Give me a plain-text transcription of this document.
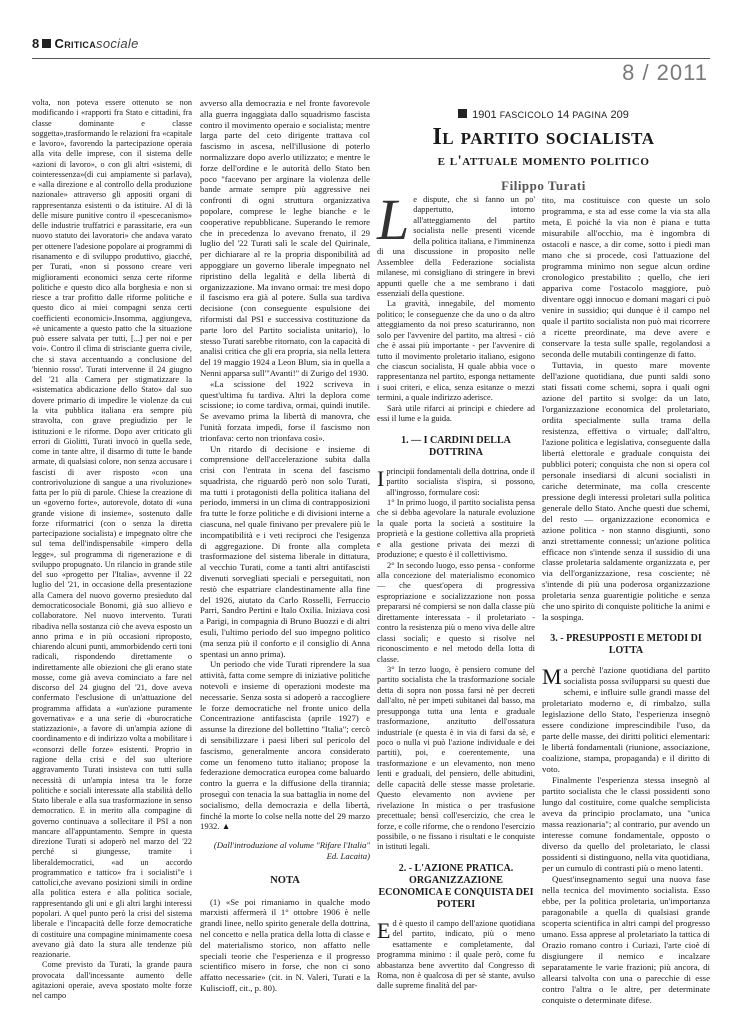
8 Criticasociale
8 / 2011

volta, non poteva essere ottenuto se non modificando i «rapporti fra Stato e cittadini, fra classe dominante e classe soggetta»,trasformando le relazioni fra «capitale e lavoro», favorendo la partecipazione operaia alla vita delle imprese, con il sistema delle «azioni di lavoro», o con gli altri «sistemi, di cointeressenza»(di cui ampiamente si parlava), e «alla direzione e al controllo della produzione nazionale» attraverso gli appositi organi di rappresentanza esistenti o da istituire. Al di là delle misure punitive contro il «pescecanismo» delle industrie truffatrici e parassitarie, era «un nuovo statuto dei lavoratori» che andava varato per ottenere l'adesione popolare ai programmi di risanamento e di sviluppo produttivo, giacché, per Turati, «non si possono creare veri miglioramenti economici senza certe riforme politiche e questo dico alla borghesia e non si riesce a trar profitto dalle riforme politiche e questo dico ai miei compagni senza certi coefficienti economici».Insomma, aggiungeva, «è unicamente a questo patto che la situazione può essere salvata per tutti, [...] per noi e per voi». Contro il clima di strisciante guerra civile, che si stava accentuando a conclusione del 'biennio rosso'. Turati intervenne il 24 giugno del '21 alla Camera per stigmatizzare la «sistematica abdicazione dello Stato» dal suo dovere primario di impedire le violenze da cui la vita pubblica italiana era sempre più stravolta, con grave pregiudizio per le istituzioni e le riforme. Dopo aver criticato gli errori di Giolitti, Turati invocò in quella sede, come in tante altre, il disarmo di tutte le bande armate, di qualsiasi colore, non senza accusare i fascisti di aver risposto «con una controrivoluzione di sangue a una rivoluzione» fatta per lo più di parole. Chiese la creazione di un «governo forte», autorevole, dotato di «una grande visione di insieme», sostenuto dalle forze riformatrici (con o senza la diretta partecipazione socialista) e impegnato oltre che sul tema dell'indispensabile «impero della legge», sul programma di rigenerazione e di sviluppo propugnato. Un rilancio in grande stile del suo «progetto per l'Italia», avvenne il 22 luglio del '21, in occasione della presentazione alla Camera del nuovo governo presieduto dal democraticosociale Bonomi, già suo allievo e collaboratore. Nel nuovo intervento. Turati ribadiva nella sostanza ciò che aveva esposto un anno prima e in più occasioni riproposto, chiarendo alcuni punti, ammorbidendo certi toni radicali, rispondendo direttamente o indirettamente alle obiezioni che gli erano state mosse, come già aveva cominciato a fare nel discorso del 24 giugno del '21, dove aveva confermato l'esclusione di un'attuazione del programma affidata a «un'azione puramente governativa» e a una serie di «burocratiche statizzazioni», a favore di un'ampia azione di coordinamento e di indirizzo volta a mobilitare i «consorzi delle forze» esistenti. Proprio in ragione della crisi e del suo ulteriore aggravamento Turati insisteva con tutti sulla necessità di un'ampia intesa tra le forze politiche e sociali interessate alla stabilità dello Stato liberale e alla sua trasformazione in senso democratico. E in merito alla compagine di governo continuava a sollecitare il PSI a non mancare all'appuntamento. Sempre in questa direzione Turati si adoperò nel marzo del '22 perché si giungesse, tramite i liberaldemocratici, «ad un accordo programmatico e tattico» fra i socialisti"e i cattolici,che avevano posizioni simili in ordine alla politica estera e alla politica sociale, rappresentando gli uni e gli altri larghi interessi popolari. A quel punto però la crisi del sistema liberale e l'incapacità delle forze democratiche di costituire una compagine minimamente coesa avevano già dato la stura alle tendenze più reazionarie.

Come previsto da Turati, la grande paura provocata dall'incessante aumento delle agitazioni operaie, aveva spostato molte forze nel campo

avverso alla democrazia e nel fronte favorevole alla guerra ingaggiata dallo squadrismo fascista contro il movimento operaio e socialista; mentre larga parte del ceto dirigente trattava col fascismo in ascesa, nell'illusione di poterlo normalizzare dopo averlo utilizzato; e mentre le forze dell'ordine e le autorità dello Stato ben poco "facevano per arginare la violenza delle bande armate sempre più aggressive nei confronti di ogni struttura organizzativa popolare, comprese le leghe bianche e le cooperative repubblicane. Superando le remore che in precedenza lo avevano frenato, il 29 luglio del '22 Turati salì le scale del Quirinale, per dichiarare al re la propria disponibilità ad appoggiare un governo liberale impegnato nel ripristino della legalità e della libertà di organizzazione. Ma invano ormai: tre mesi dopo il fascismo era già al potere. Sulla sua tardiva decisione (con conseguente espulsione dei riformisti dal PSI e successiva costituzione da parte loro del Partito socialista unitario), lo stesso Turati sarebbe ritornato, con la capacità di analisi critica che gli era propria, sia nella lettera del 19 maggio 1924 a Leon Blum, sia in quella a Nenni apparsa sull'"Avanti!" di Zurigo del 1930.

«La scissione del 1922 scriveva in quest'ultima fu tardiva. Altri la deplora come scissione; io come tardiva, ormai, quindi inutile. Se avevamo prima la libertà di manovra, che l'unità forzata impedì, forse il fascismo non trionfava: certo non trionfava così».

Un ritardo di decisione e insieme di comprensione dell'accelerazione subita dalla crisi con l'entrata in scena del fascismo squadrista, che riguardò però non solo Turati, ma tutti i protagonisti della politica italiana del periodo, immersi in un clima di contrapposizioni fra tutte le forze politiche e di divisioni interne a ciascuna, nel quale finivano per prevalere più le incompatibilità e i veti reciproci che l'esigenza di aggregazione. Di fronte alla completa trasformazione del sistema liberale in dittatura, al vecchio Turati, come a tanti altri antifascisti divenuti sorvegliati speciali e perseguitati, non restò che espatriare clandestinamente alla fine del 1926, aiutato da Carlo Rosselli, Ferruccio Parri, Sandro Pertini e Italo Oxilia. Iniziava così a Parigi, in compagnia di Bruno Buozzi e di altri esuli, l'ultimo periodo del suo impegno politico (ma senza più il conforto e il consiglio di Anna spentasi un anno prima).

Un periodo che vide Turati riprendere la sua attività, fatta come sempre di iniziative politiche notevoli e insieme di operazioni modeste ma necessarie. Senza sosta si adoperò a raccogliere le forze democratiche nel fronte unico della Concentrazione antifascista (aprile 1927) e assunse la direzione del bollettino "Italia"; cercò di sensibilizzare i paesi liberi sul pericolo del fascismo, generalmente ancora considerato come un fenomeno tutto italiano; propose la federazione democratica europea come baluardo contro la guerra e la diffusione della tirannia; proseguì con tenacia la sua battaglia in nome del socialismo, della democrazia e della libertà, finché la morte lo colse nella notte del 29 marzo 1932. ▲

(Dall'introduzione al volume "Rifare l'Italia"
Ed. Lacaita)

NOTA

(1) «Se poi rimaniamo in qualche modo marxisti affermerà il 1° ottobre 1906 è nelle grandi linee, nello spirito generale della dottrina, nel concetto e nella pratica della lotta di classe e del materialismo storico, non affatto nelle speciali teorie che l'esperienza e il progresso scientifico misero in forse, che non ci sono affatto necessarie» (cit. in N. Valeri, Turati e la Kuliscioff, cit., p. 80).

1901 FASCICOLO 14 PAGINA 209
Il partito socialista
e l'attuale momento politico
Filippo Turati

Le dispute, che si fanno un po' dappertutto, intorno all'atteggiamento del partito socialista nelle presenti vicende della politica italiana, e l'imminenza di una discussione in proposito nelle Assemblee della Federazione socialista milanese, mi consigliano di stringere in brevi appunti quelle che a me sembrano i dati essenziali della questione.

La gravità, innegabile, del momento politico; le conseguenze che da uno o da altro atteggiamento da noi preso scaturiranno, non solo per l'avvenire del partito, ma altresì - ciò che è assai più importante - per l'avvenire di tutto il movimento proletario italiano, esigono che ciascun socialista, H quale abbia voce o rappresentanza nel partito, esponga nettamente i suoi criteri, e elica, senza esitanze o mezzi termini, a quale indirizzo aderisce.

Sarà utile rifarci ai principi e chiedere ad essi il lume e la guida.

1. — I CARDINI DELLA DOTTRINA

Iprincipii fondamentali della dottrina, onde il partito socialista s'ispira, si possono, all'ingrosso, formulare così:

1° In primo luogo, il partito socialista pensa che si debba agevolare la naturale evoluzione la quale porta la società a sostituire la proprietà e la gestione collettiva alla proprietà e alla gestione privata dei mezzi di produzione; e questo è il collettivismo.

2° In secondo luogo, esso pensa - conforme alla concezione del materialismo economico — che quest'opera di progressiva espropriazione e socializzazione non possa prepararsi né compiersi se non dalla classe più direttamente interessata - il proletariato - contro la resistenza più o meno viva delle altre classi sociali; e questo si risolve nel riconoscimento e nel metodo della lotta di classe.

3° In terzo luogo, è pensiero comune del partito socialista che la trasformazione sociale detta di sopra non possa farsi nè per decreti dall'alto, nè per impeti subitanei dal basso, ma presupponga tutta una lenta e graduale trasformazione, anzitutto dell'ossatura industriale (e questa è in via di farsi da sè, e poco o nulla vi può l'azione individuale e dei partiti), poi, e coerentemente, una trasformazione e un elevamento, non meno lenti e graduali, del pensiero, delle abitudini, delle capacità delle stesse masse proletarie. Questo elevamento non avviene per rivelazione In mistica o per trasfusione precettuale; bensì coll'esercizio, che crea le forze, e colle riforme, che o rendono l'esercizio possibile, o ne fissano i risultati e le conquiste in istituti legali.

2. - L'AZIONE PRATICA. ORGANIZZAZIONE ECONOMICA E CONQUISTA DEI POTERI

Ed è questo il campo dell'azione quotidiana del partito, indicato, più o meno esattamente e completamente, dal programma minimo : il quale però, come fu abbastanza bene avvertito dal Congresso di Roma, non è qualcosa di per sè stante, avulso dalle supreme finalità del par-

tito, ma costituisce con queste un solo programma, e sta ad esse come la via sta alla meta, E poiché la via non è piana e tutta misurabile all'occhio, ma è ingombra di ostacoli e nasce, a dir come, sotto i piedi man mano che si procede, così l'attuazione del programma minimo non segue alcun ordine cronologico prestabilito ; quello, che ieri appariva come l'ostacolo maggiore, può diventare oggi innocuo e domani magari ci può venire in sussidio; qui dunque è il campo nel quale il partito socialista non può mai ricorrere a ricette preordinate, ma deve avere e conservare la testa sulle spalle, regolandosi a seconda delle mutabili contingenze di fatto.

Tuttavia, in questo mare movente dell'azione quotidiana, due punti saldi sono stati fissati come schemi, sopra i quali ogni azione del partito si svolge: da un lato, l'organizzazione economica del proletariato, ordita specialmente sulla trama della resistenza, effettiva o virtuale; dall'altro, l'azione politica e legislativa, conseguente dalla libertà elettorale e graduale conquista dei pubblici poteri; conquista che non si opera col personale insediarsi di alcuni socialisti in cariche determinate, ma colla crescente pressione degli interessi proletari sulla politica generale dello Stato. Anche questi due schemi, del resto — organizzazione economica e azione politica - non stanno disgiunti, sono anzi strettamente connessi; un'azione politica efficace non s'intende senza il sussidio di una classe proletaria saldamente organizzata e, per via dell'organizzazione, resa cosciente; nè s'intende di più una poderosa organizzazione proletaria senza guarentigie politiche e senza che uno spirito di conquiste politiche la animi e la sospinga.

3. - PRESUPPOSTI E METODI DI LOTTA

Ma perchè l'azione quotidiana del partito socialista possa svilupparsi su questi due schemi, e influire sulle grandi masse del proletariato moderno e, di rimbalzo, sulla legislazione dello Stato, l'esperienza insegnò essere condizione imprescindibile l'uso, da parte delle masse, dei diritti politici elementari: le libertà fondamentali (riunione, associazione, coalizione, stampa, propaganda) e il diritto di voto.

Finalmente l'esperienza stessa insegnò al partito socialista che le classi possidenti sono lungo dal costituire, come qualche semplicista aveva da principio proclamato, una "unica massa reazionaria"; al contrario, pur avendo un interesse comune fondamentale, opposto o diverso da quello del proletariato, le classi possidenti si distinguono, nella vita quotidiana, per un cumulo di contrasti più o meno latenti.

Quest'insegnamento seguì una nuova fase nella tecnica del movimento socialista. Esso ebbe, per la politica proletaria, un'importanza paragonabile a quella di qualsiasi grande scoperta scientifica in altri campi del progresso umano. Essa apprese al proletariato la tattica di Orazio romano contro i Curiazi, l'arte cioè di disgiungere il nemico e incalzare separatamente le varie frazioni; più ancora, di allearsi talvolta con una o parecchie di esse contro l'altra o le altre, per determinate conquiste o determinate difese.
